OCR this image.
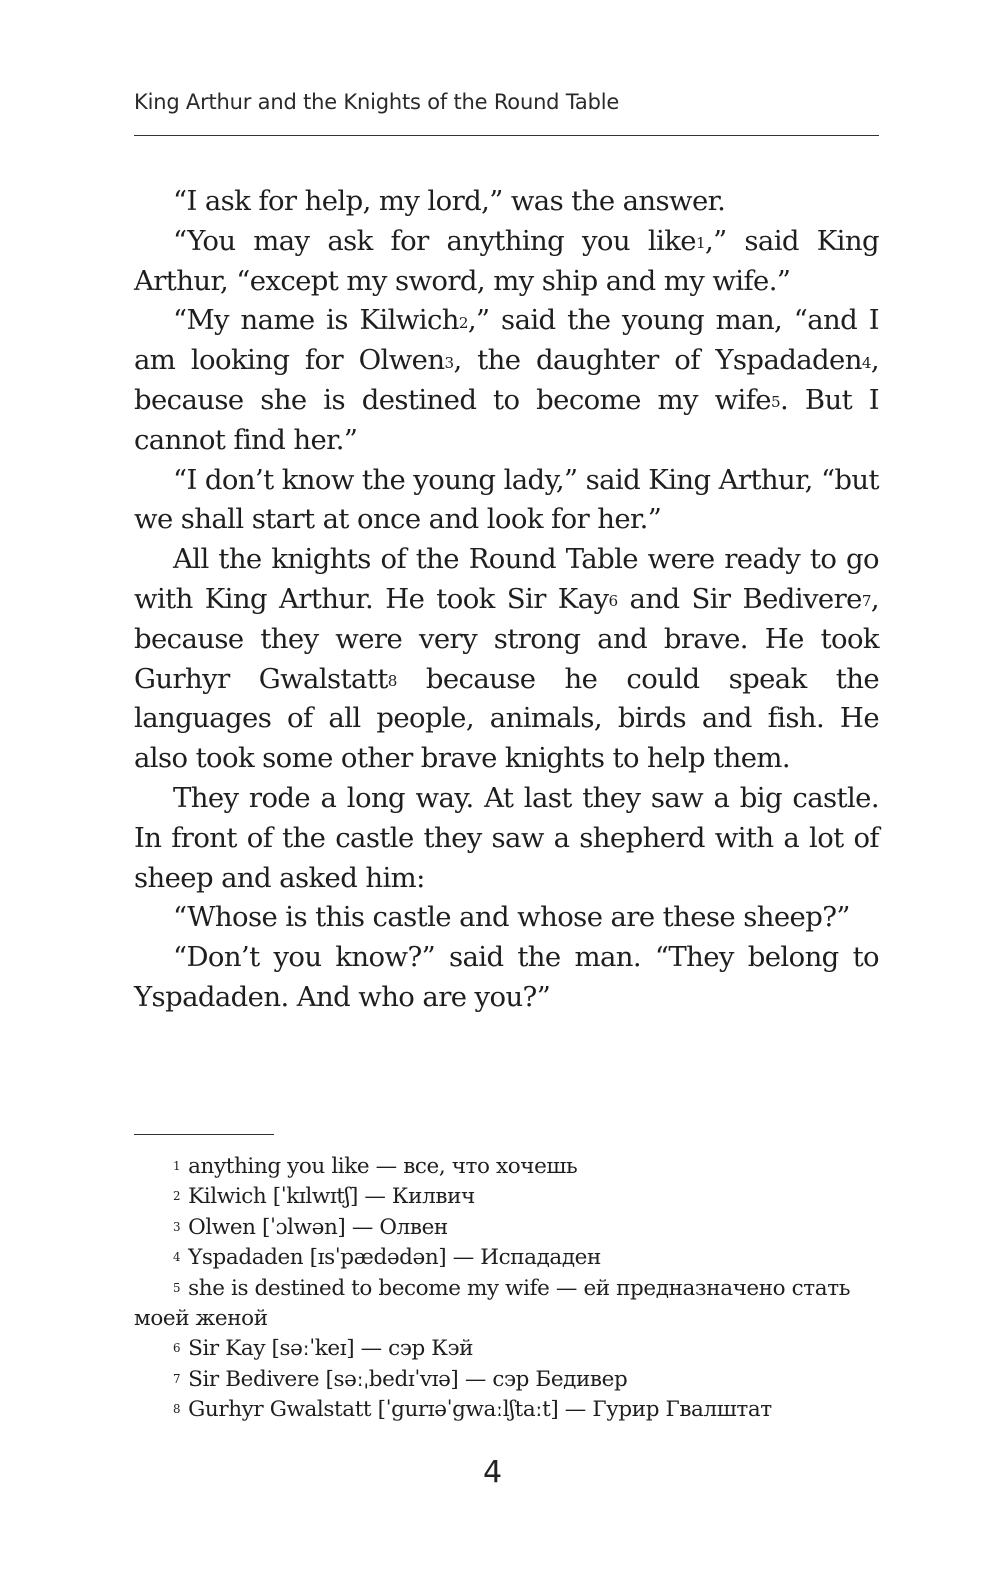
King Arthur and the Knights of the Round Table

“I ask for help, my lord,” was the answer.

“You may ask for anything you like$^1$,” said King Arthur, “except my sword, my ship and my wife.”

“My name is Kilwich$^2$,” said the young man, “and I am looking for Olwen$^3$, the daughter of Yspadaden$^4$, because she is destined to become my wife$^5$. But I cannot find her.”

“I don’t know the young lady,” said King Arthur, “but we shall start at once and look for her.”

All the knights of the Round Table were ready to go with King Arthur. He took Sir Kay$^6$ and Sir Bedivere$^7$, because they were very strong and brave. He took Gurhyr Gwalstatt$^8$ because he could speak the languages of all people, animals, birds and fish. He also took some other brave knights to help them.

They rode a long way. At last they saw a big castle. In front of the castle they saw a shepherd with a lot of sheep and asked him:

“Whose is this castle and whose are these sheep?”

“Don’t you know?” said the man. “They belong to Yspadaden. And who are you?”

1 anything you like — все, что хочешь

2 Kilwich [ˈkɪlwɪtʃ] — Килвич

3 Olwen [ˈɔlwən] — Олвен

4 Yspadaden [ɪsˈpædədən] — Испададен

5 she is destined to become my wife — ей предназначено стать моей женой

6 Sir Kay [səːˈkeɪ] — сэр Кэй

7 Sir Bedivere [səːˌbedɪˈvɪə] — сэр Бедивер

8 Gurhyr Gwalstatt [ˈgurɪəˈgwaːlʃtaːt] — Гурир Гвалштат

4
